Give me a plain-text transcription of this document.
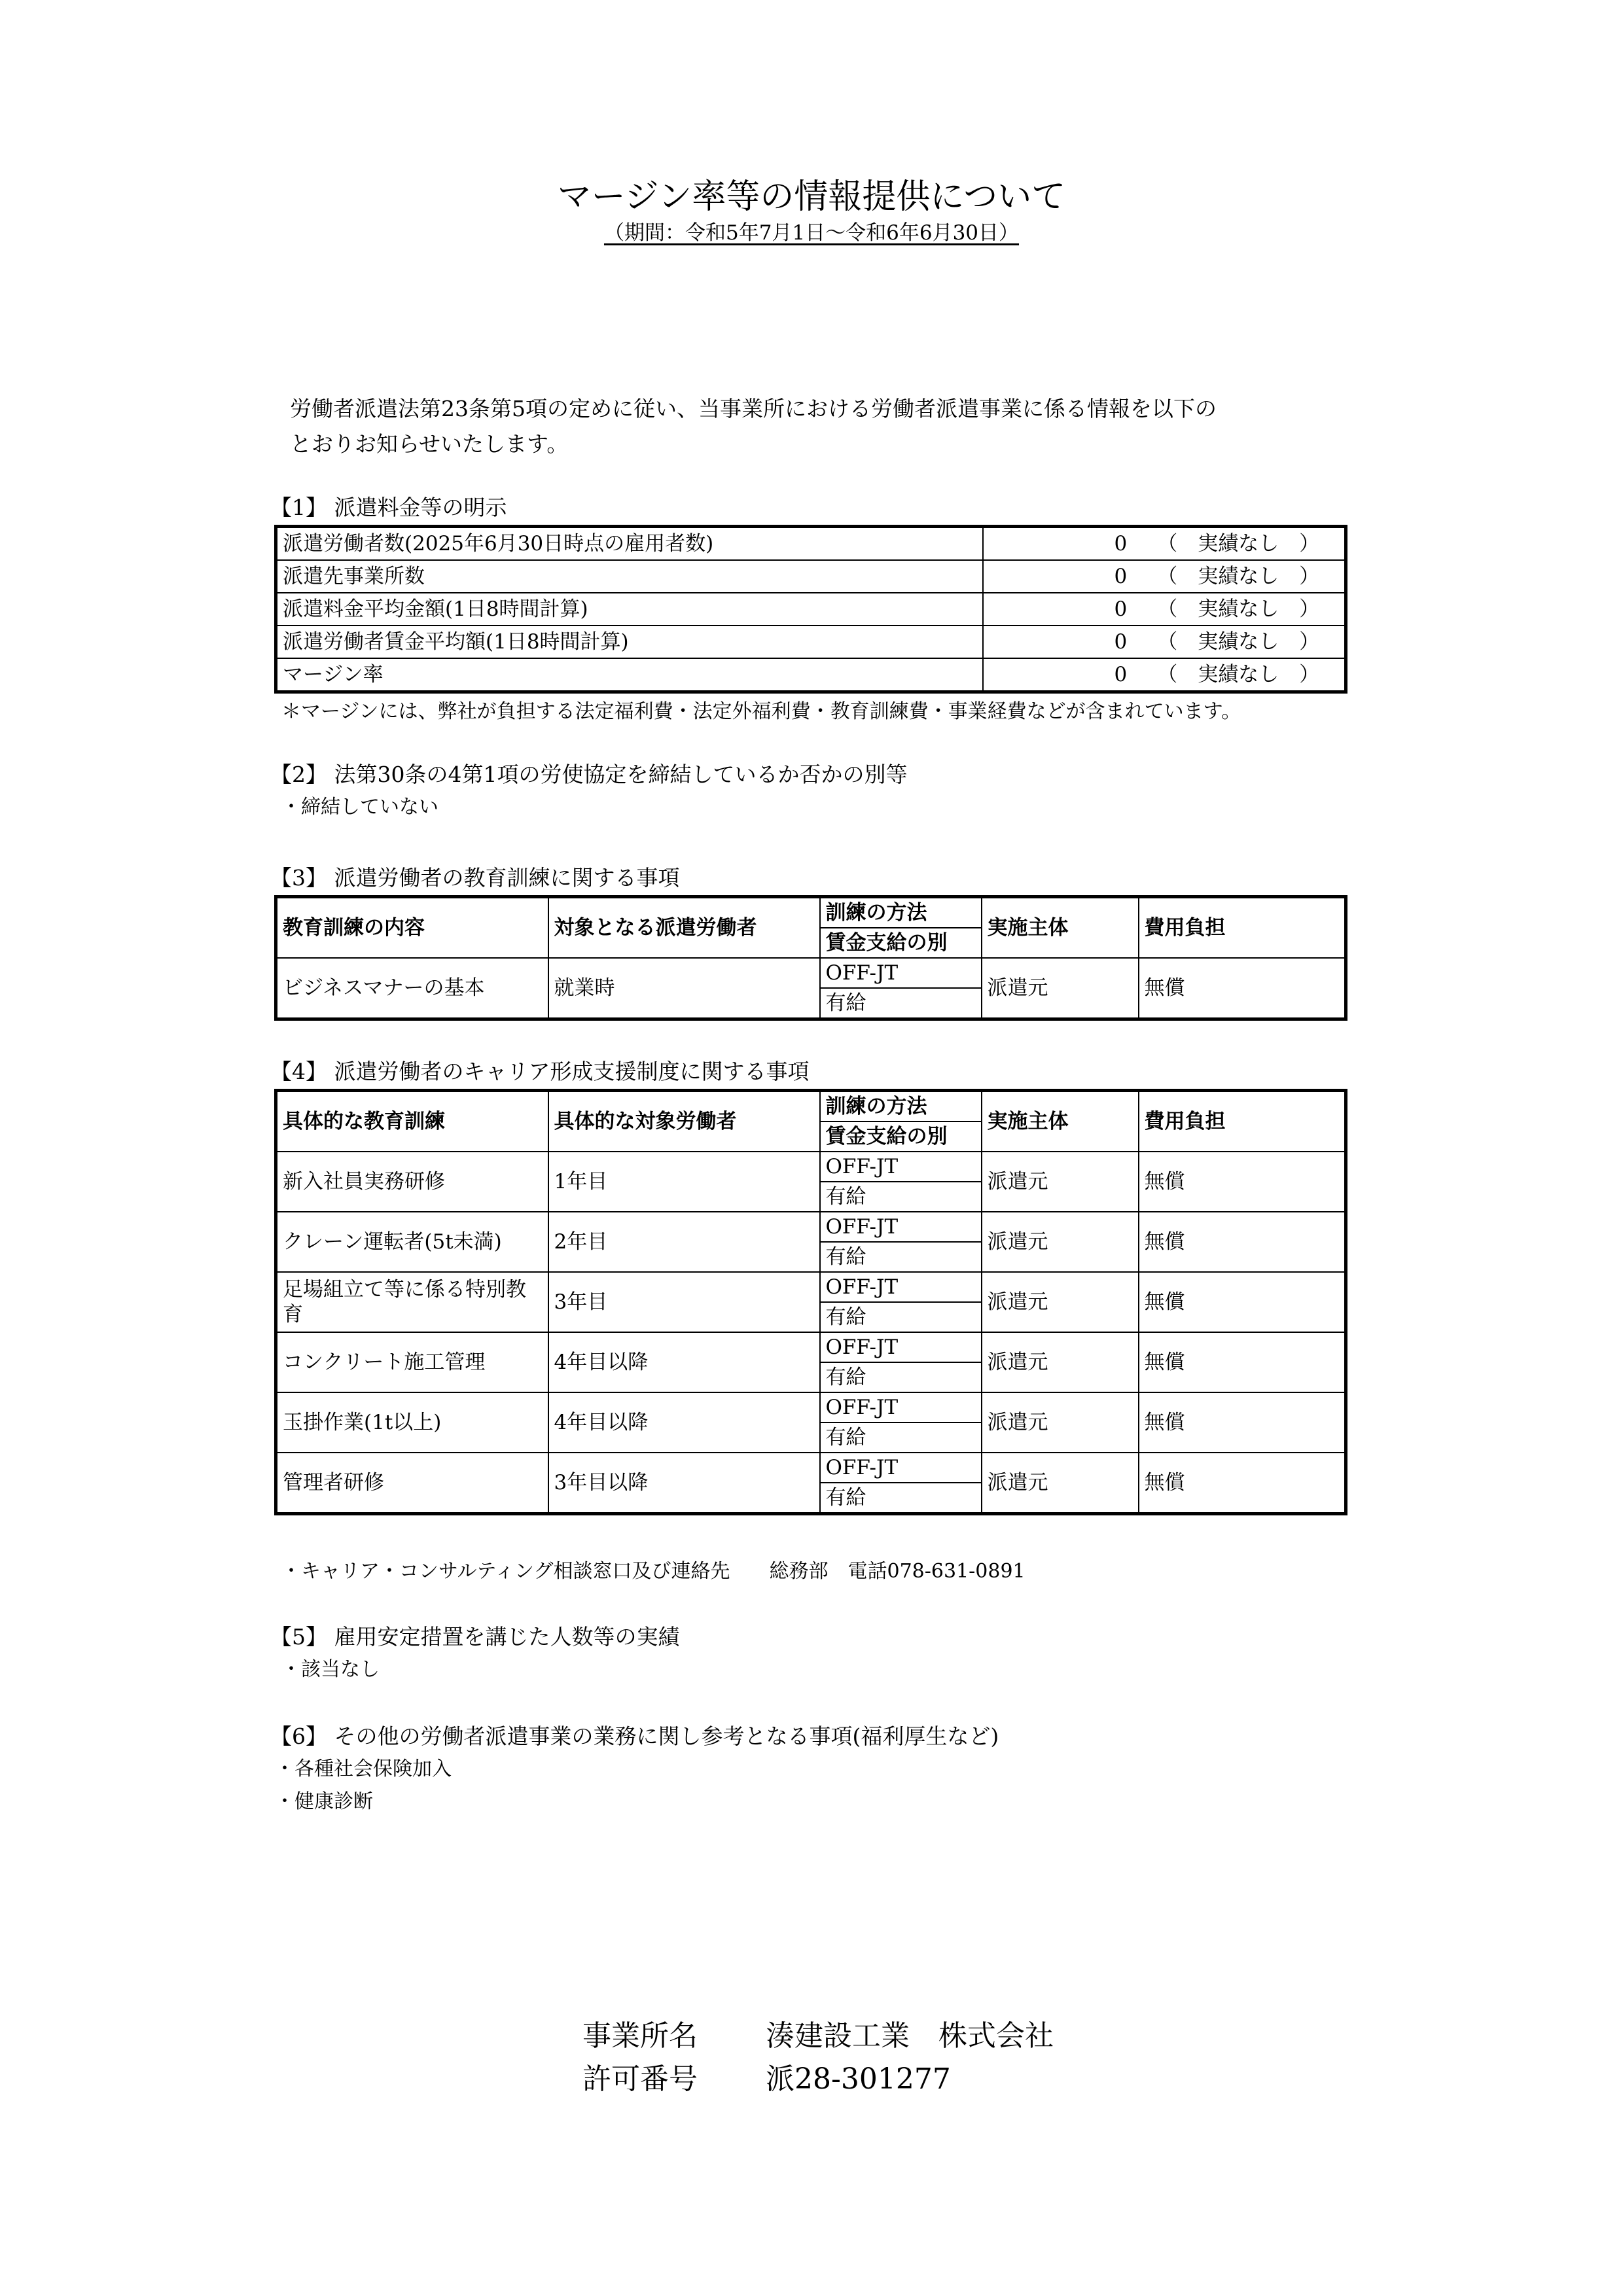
マージン率等の情報提供について
（期間：令和5年7月1日～令和6年6月30日）
労働者派遣法第23条第5項の定めに従い、当事業所における労働者派遣事業に係る情報を以下の
とおりお知らせいたします。
【1】 派遣料金等の明示
派遣労働者数(2025年6月30日時点の雇用者数)	0 （　実績なし　）
派遣先事業所数	0 （　実績なし　）
派遣料金平均金額(1日8時間計算)	0 （　実績なし　）
派遣労働者賃金平均額(1日8時間計算)	0 （　実績なし　）
マージン率	0 （　実績なし　）
＊マージンには、弊社が負担する法定福利費・法定外福利費・教育訓練費・事業経費などが含まれています。
【2】 法第30条の4第1項の労使協定を締結しているか否かの別等
・締結していない
【3】 派遣労働者の教育訓練に関する事項
教育訓練の内容	対象となる派遣労働者	訓練の方法	実施主体	費用負担
		賃金支給の別		
ビジネスマナーの基本	就業時	OFF-JT	派遣元	無償
		有給		
【4】 派遣労働者のキャリア形成支援制度に関する事項
具体的な教育訓練	具体的な対象労働者	訓練の方法	実施主体	費用負担
		賃金支給の別		
新入社員実務研修	1年目	OFF-JT	派遣元	無償
		有給		
クレーン運転者(5t未満)	2年目	OFF-JT	派遣元	無償
		有給		
足場組立て等に係る特別教育	3年目	OFF-JT	派遣元	無償
		有給		
コンクリート施工管理	4年目以降	OFF-JT	派遣元	無償
		有給		
玉掛作業(1t以上)	4年目以降	OFF-JT	派遣元	無償
		有給		
管理者研修	3年目以降	OFF-JT	派遣元	無償
		有給		
・キャリア・コンサルティング相談窓口及び連絡先　　総務部　電話078-631-0891
【5】 雇用安定措置を講じた人数等の実績
・該当なし
【6】 その他の労働者派遣事業の業務に関し参考となる事項(福利厚生など)
・各種社会保険加入
・健康診断
事業所名 湊建設工業　株式会社
許可番号 派28-301277
